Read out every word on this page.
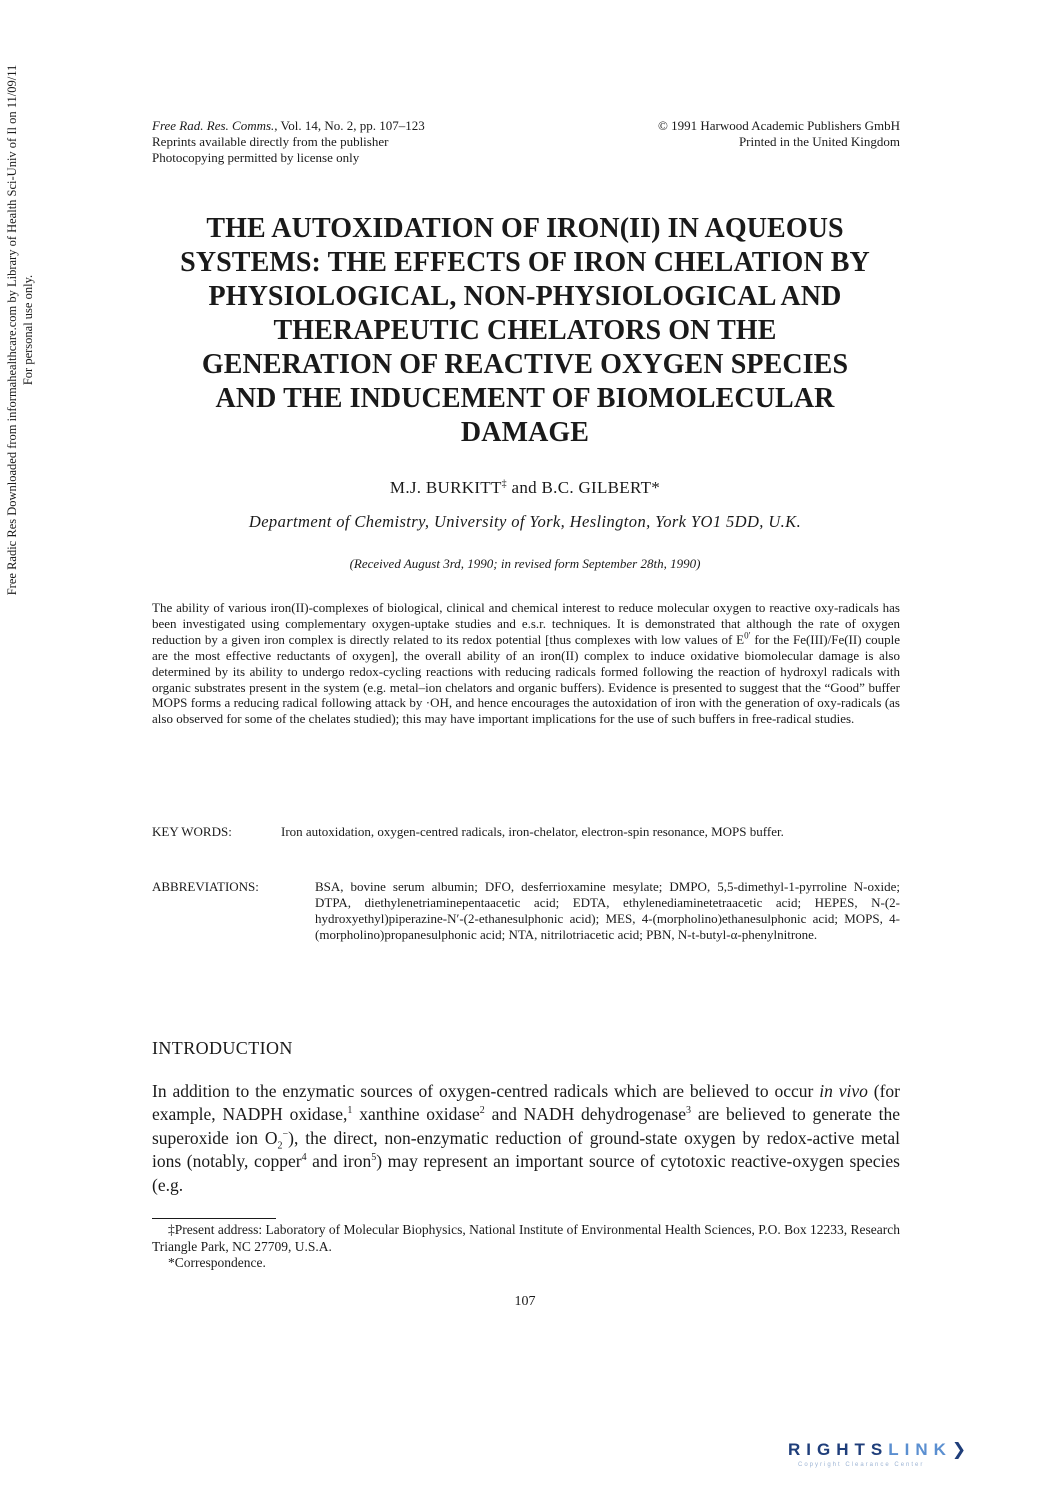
Free Rad. Res. Comms., Vol. 14, No. 2, pp. 107–123
Reprints available directly from the publisher
Photocopying permitted by license only
© 1991 Harwood Academic Publishers GmbH
Printed in the United Kingdom
THE AUTOXIDATION OF IRON(II) IN AQUEOUS
SYSTEMS: THE EFFECTS OF IRON CHELATION BY
PHYSIOLOGICAL, NON-PHYSIOLOGICAL AND
THERAPEUTIC CHELATORS ON THE
GENERATION OF REACTIVE OXYGEN SPECIES
AND THE INDUCEMENT OF BIOMOLECULAR
DAMAGE
M.J. BURKITT‡ and B.C. GILBERT*
Department of Chemistry, University of York, Heslington, York YO1 5DD, U.K.
(Received August 3rd, 1990; in revised form September 28th, 1990)
The ability of various iron(II)-complexes of biological, clinical and chemical interest to reduce molecular oxygen to reactive oxy-radicals has been investigated using complementary oxygen-uptake studies and e.s.r. techniques. It is demonstrated that although the rate of oxygen reduction by a given iron complex is directly related to its redox potential [thus complexes with low values of $E^{0'}$ for the Fe(III)/Fe(II) couple are the most effective reductants of oxygen], the overall ability of an iron(II) complex to induce oxidative biomolecular damage is also determined by its ability to undergo redox-cycling reactions with reducing radicals formed following the reaction of hydroxyl radicals with organic substrates present in the system (e.g. metal–ion chelators and organic buffers). Evidence is presented to suggest that the “Good” buffer MOPS forms a reducing radical following attack by ·OH, and hence encourages the autoxidation of iron with the generation of oxy-radicals (as also observed for some of the chelates studied); this may have important implications for the use of such buffers in free-radical studies.
KEY WORDS:	Iron autoxidation, oxygen-centred radicals, iron-chelator, electron-spin resonance, MOPS buffer.
ABBREVIATIONS:	BSA, bovine serum albumin; DFO, desferrioxamine mesylate; DMPO, 5,5-dimethyl-1-pyrroline N-oxide; DTPA, diethylenetriaminepentaacetic acid; EDTA, ethylenediaminetetraacetic acid; HEPES, N-(2-hydroxyethyl)piperazine-N′-(2-ethanesulphonic acid); MES, 4-(morpholino)ethanesulphonic acid; MOPS, 4-(morpholino)propanesulphonic acid; NTA, nitrilotriacetic acid; PBN, N-t-butyl-α-phenylnitrone.
INTRODUCTION
In addition to the enzymatic sources of oxygen-centred radicals which are believed to occur in vivo (for example, NADPH oxidase,$^1$ xanthine oxidase$^2$ and NADH dehydrogenase$^3$ are believed to generate the superoxide ion $O_2^-$), the direct, non-enzymatic reduction of ground-state oxygen by redox-active metal ions (notably, copper$^4$ and iron$^5$) may represent an important source of cytotoxic reactive-oxygen species (e.g.

‡Present address: Laboratory of Molecular Biophysics, National Institute of Environmental Health Sciences, P.O. Box 12233, Research Triangle Park, NC 27709, U.S.A.

*Correspondence.

107
Free Radic Res Downloaded from informahealthcare.com by Library of Health Sci-Univ of Il on 11/09/11 For personal use only.
RIGHTSLINK❯
Copyright Clearance Center
